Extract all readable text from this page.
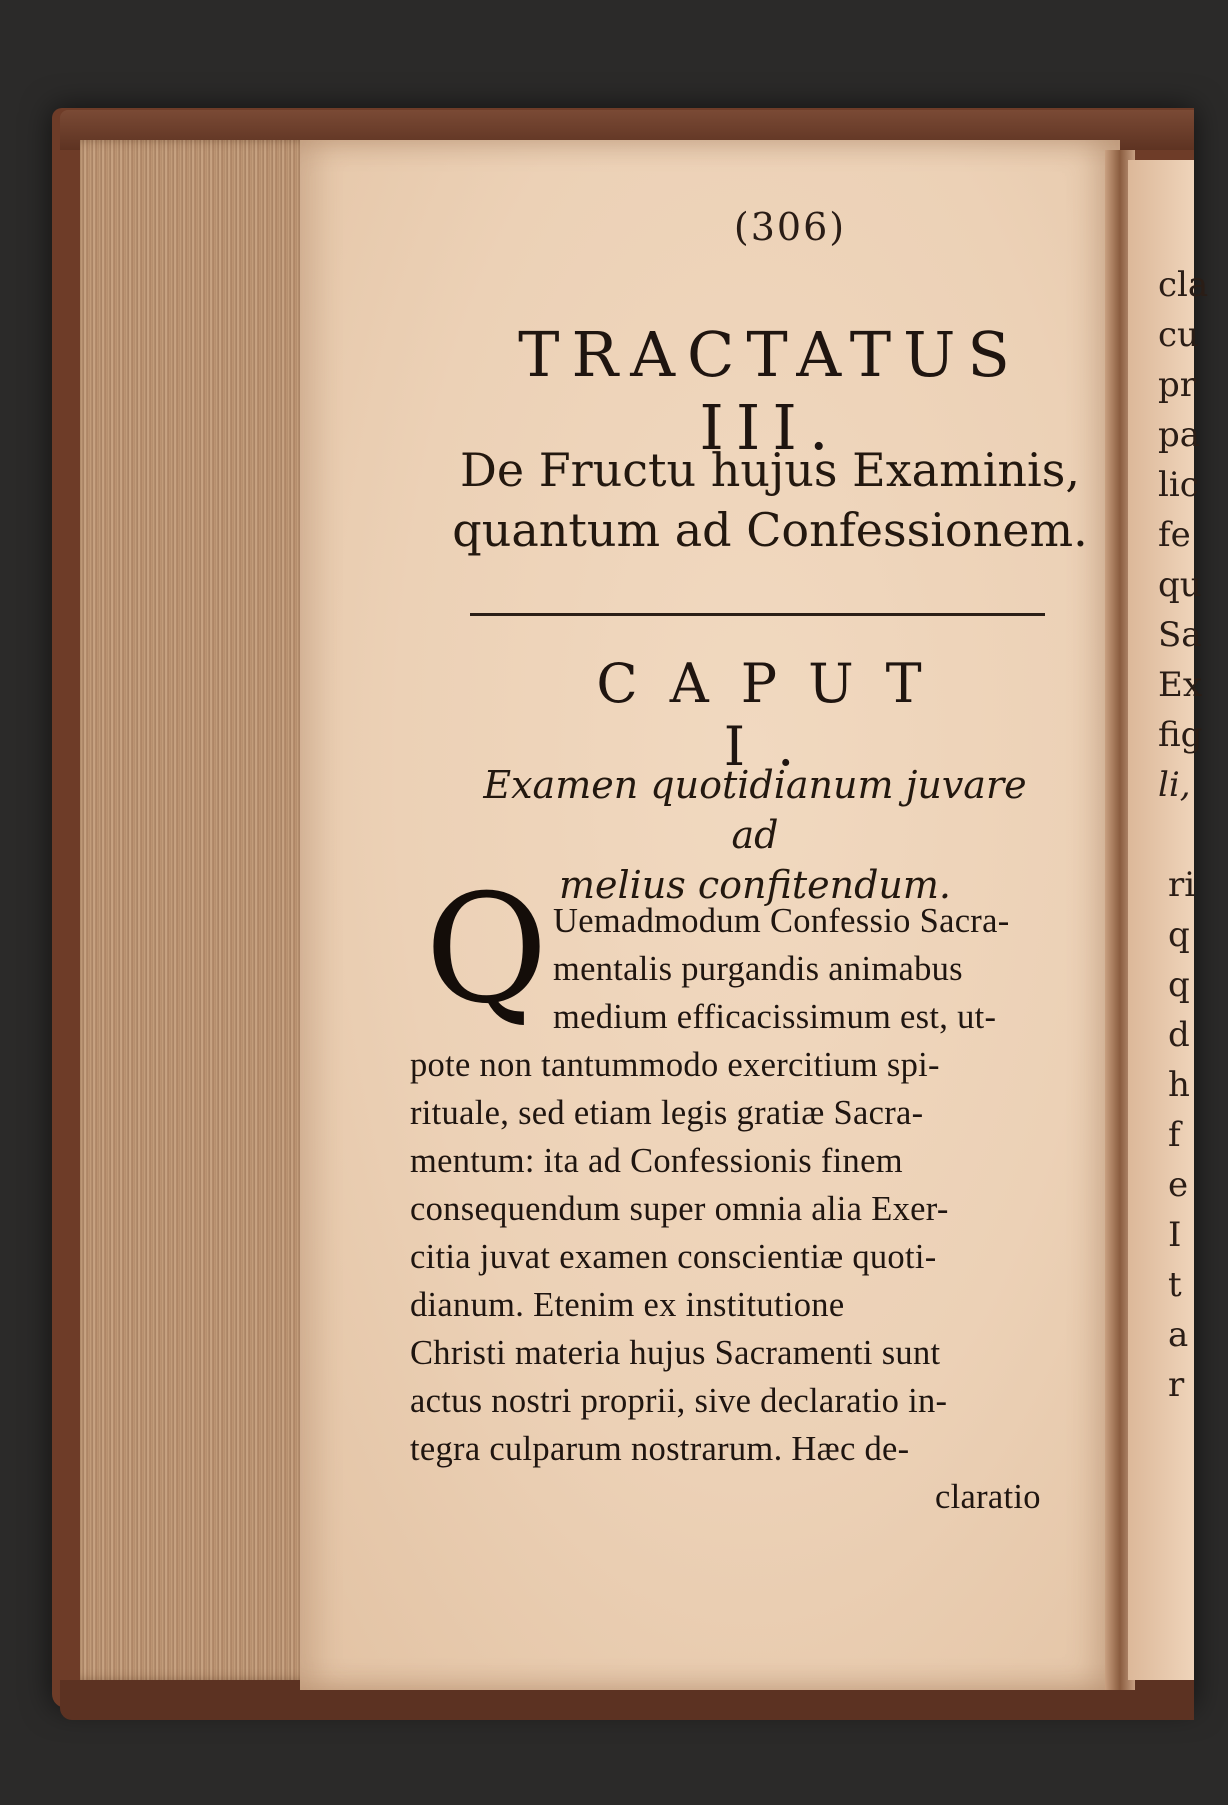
cla
cu
pr
pa
lic
fe
qu
Sa
Ex
fig
li,
ri
q
q
d
h
f
e
I
t
a
r
(306)
TRACTATUS III.
De Fructu hujus Examinis,
quantum ad Confessionem.
CAPUT I.
Examen quotidianum juvare ad
melius confitendum.
Q Uemadmodum Confessio Sacra-
mentalis purgandis animabus
medium efficacissimum est, ut-
pote non tantummodo exercitium spi-
rituale, sed etiam legis gratiæ Sacra-
mentum: ita ad Confessionis finem
consequendum super omnia alia Exer-
citia juvat examen conscientiæ quoti-
dianum. Etenim ex institutione
Christi materia hujus Sacramenti sunt
actus nostri proprii, sive declaratio in-
tegra culparum nostrarum. Hæc de-
claratio
